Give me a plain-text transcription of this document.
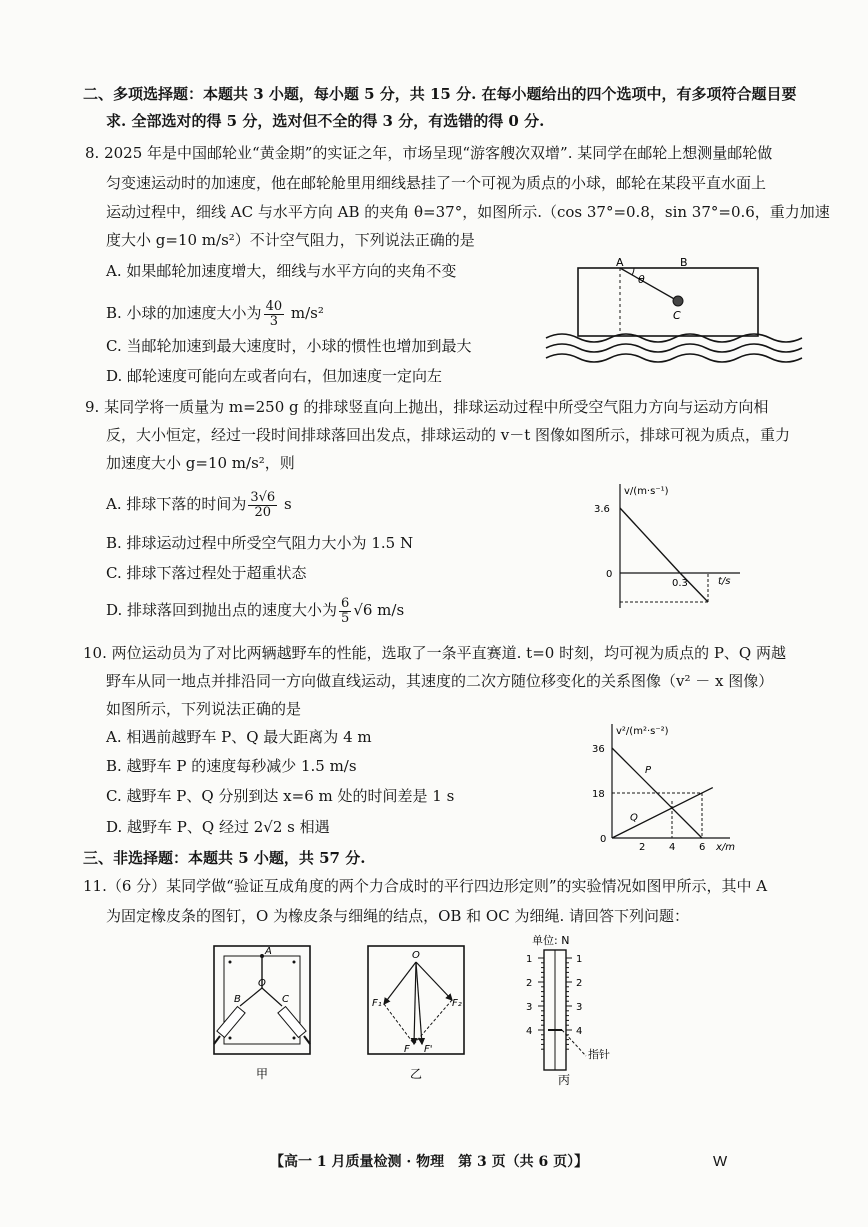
二、多项选择题：本题共 3 小题，每小题 5 分，共 15 分. 在每小题给出的四个选项中，有多项符合题目要
求. 全部选对的得 5 分，选对但不全的得 3 分，有选错的得 0 分.
8. 2025 年是中国邮轮业“黄金期”的实证之年，市场呈现“游客艘次双增”. 某同学在邮轮上想测量邮轮做
匀变速运动时的加速度，他在邮轮舱里用细线悬挂了一个可视为质点的小球，邮轮在某段平直水面上
运动过程中，细线 AC 与水平方向 AB 的夹角 θ=37°，如图所示.（cos 37°=0.8，sin 37°=0.6，重力加速
度大小 g=10 m/s²）不计空气阻力，下列说法正确的是
A. 如果邮轮加速度增大，细线与水平方向的夹角不变
B. 小球的加速度大小为 $\frac{40}{3} m/s^2$
C. 当邮轮加速到最大速度时，小球的惯性也增加到最大
D. 邮轮速度可能向左或者向右，但加速度一定向左
A	B
C
θ
9. 某同学将一质量为 m=250 g 的排球竖直向上抛出，排球运动过程中所受空气阻力方向与运动方向相
反，大小恒定，经过一段时间排球落回出发点，排球运动的 v－t 图像如图所示，排球可视为质点，重力
加速度大小 g=10 m/s²，则
A. 排球下落的时间为 $\frac{3√6}{20}$ s
B. 排球运动过程中所受空气阻力大小为 1.5 N
C. 排球下落过程处于超重状态
D. 排球落回到抛出点的速度大小为 $\frac{6}{5} √6$ m/s
v/(m·s⁻¹)
t/s
3.6
0
0.3
10. 两位运动员为了对比两辆越野车的性能，选取了一条平直赛道. t=0 时刻，均可视为质点的 P、Q 两越
野车从同一地点并排沿同一方向做直线运动，其速度的二次方随位移变化的关系图像（v² － x 图像）
如图所示，下列说法正确的是
A. 相遇前越野车 P、Q 最大距离为 4 m
B. 越野车 P 的速度每秒减少 1.5 m/s
C. 越野车 P、Q 分别到达 x=6 m 处的时间差是 1 s
D. 越野车 P、Q 经过 2√2 s 相遇
v²/(m²·s⁻²)
x/m
36
18
0
2 4 6
P
Q
三、非选择题：本题共 5 小题，共 57 分.
11.（6 分）某同学做“验证互成角度的两个力合成时的平行四边形定则”的实验情况如图甲所示，其中 A
为固定橡皮条的图钉，O 为橡皮条与细绳的结点，OB 和 OC 为细绳. 请回答下列问题：
A
O
B	C
甲
O
F₁	F₂
F F'
乙
单位: N
1	1
2	2
3	3
4	4
指针
丙
【高一 1 月质量检测 · 物理　第 3 页（共 6 页）】	W
